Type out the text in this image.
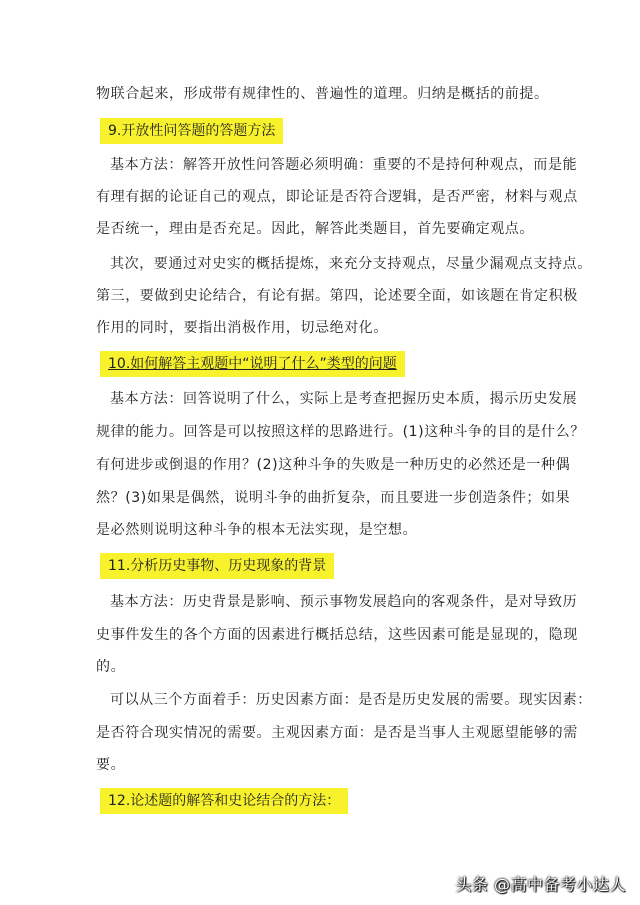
物联合起来，形成带有规律性的、普遍性的道理。归纳是概括的前提。
9.开放性问答题的答题方法
基本方法：解答开放性问答题必须明确：重要的不是持何种观点，而是能
有理有据的论证自己的观点，即论证是否符合逻辑，是否严密，材料与观点
是否统一，理由是否充足。因此，解答此类题目，首先要确定观点。
其次，要通过对史实的概括提炼，来充分支持观点，尽量少漏观点支持点。
第三，要做到史论结合，有论有据。第四，论述要全面，如该题在肯定积极
作用的同时，要指出消极作用，切忌绝对化。
10.如何解答主观题中“说明了什么”类型的问题
基本方法：回答说明了什么，实际上是考查把握历史本质，揭示历史发展
规律的能力。回答是可以按照这样的思路进行。(1)这种斗争的目的是什么？
有何进步或倒退的作用？(2)这种斗争的失败是一种历史的必然还是一种偶
然？(3)如果是偶然，说明斗争的曲折复杂，而且要进一步创造条件；如果
是必然则说明这种斗争的根本无法实现，是空想。
11.分析历史事物、历史现象的背景
基本方法：历史背景是影响、预示事物发展趋向的客观条件，是对导致历
史事件发生的各个方面的因素进行概括总结，这些因素可能是显现的，隐现
的。
可以从三个方面着手：历史因素方面：是否是历史发展的需要。现实因素：
是否符合现实情况的需要。主观因素方面：是否是当事人主观愿望能够的需
要。
12.论述题的解答和史论结合的方法：
头条 @高中备考小达人
